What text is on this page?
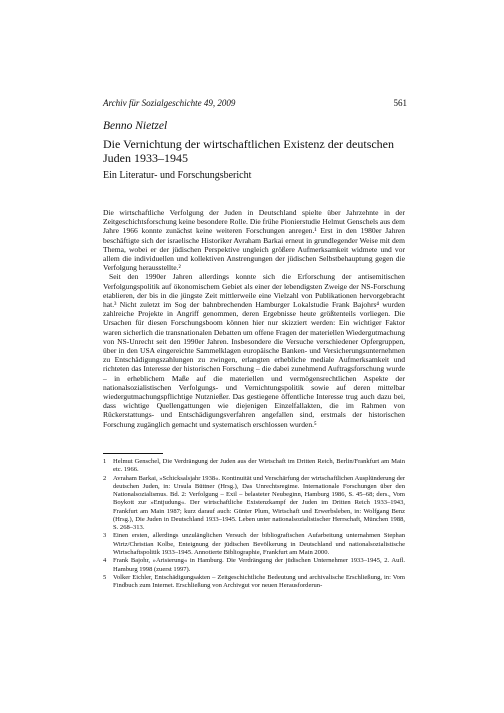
Archiv für Sozialgeschichte 49, 2009	561
Benno Nietzel
Die Vernichtung der wirtschaftlichen Existenz der deutschen Juden 1933–1945
Ein Literatur- und Forschungsbericht

Die wirtschaftliche Verfolgung der Juden in Deutschland spielte über Jahrzehnte in der Zeitgeschichtsforschung keine besondere Rolle. Die frühe Pionierstudie Helmut Genschels aus dem Jahre 1966 konnte zunächst keine weiteren Forschungen anregen.¹ Erst in den 1980er Jahren beschäftigte sich der israelische Historiker Avraham Barkai erneut in grundlegender Weise mit dem Thema, wobei er der jüdischen Perspektive ungleich größere Aufmerksamkeit widmete und vor allem die individuellen und kollektiven Anstrengungen der jüdischen Selbstbehauptung gegen die Verfolgung herausstellte.²

Seit den 1990er Jahren allerdings konnte sich die Erforschung der antisemitischen Verfolgungspolitik auf ökonomischem Gebiet als einer der lebendigsten Zweige der NS-Forschung etablieren, der bis in die jüngste Zeit mittlerweile eine Vielzahl von Publikationen hervorgebracht hat.³ Nicht zuletzt im Sog der bahnbrechenden Hamburger Lokalstudie Frank Bajohrs⁴ wurden zahlreiche Projekte in Angriff genommen, deren Ergebnisse heute größtenteils vorliegen. Die Ursachen für diesen Forschungsboom können hier nur skizziert werden: Ein wichtiger Faktor waren sicherlich die transnationalen Debatten um offene Fragen der materiellen Wiedergutmachung von NS-Unrecht seit den 1990er Jahren. Insbesondere die Versuche verschiedener Opfergruppen, über in den USA eingereichte Sammelklagen europäische Banken- und Versicherungsunternehmen zu Entschädigungszahlungen zu zwingen, erlangten erhebliche mediale Aufmerksamkeit und richteten das Interesse der historischen Forschung – die dabei zunehmend Auftragsforschung wurde – in erheblichem Maße auf die materiellen und vermögensrechtlichen Aspekte der nationalsozialistischen Verfolgungs- und Vernichtungspolitik sowie auf deren mittelbar wiedergutmachungspflichtige Nutznießer. Das gestiegene öffentliche Interesse trug auch dazu bei, dass wichtige Quellengattungen wie diejenigen Einzelfallakten, die im Rahmen von Rückerstattungs- und Entschädigungsverfahren angefallen sind, erstmals der historischen Forschung zugänglich gemacht und systematisch erschlossen wurden.⁵

1	Helmut Genschel, Die Verdrängung der Juden aus der Wirtschaft im Dritten Reich, Berlin/Frankfurt am Main etc. 1966.
2	Avraham Barkai, »Schicksalsjahr 1938«. Kontinuität und Verschärfung der wirtschaftlichen Ausplünderung der deutschen Juden, in: Ursula Büttner (Hrsg.), Das Unrechtsregime. Internationale Forschungen über den Nationalsozialismus. Bd. 2: Verfolgung – Exil – belasteter Neubeginn, Hamburg 1986, S. 45–68; ders., Vom Boykott zur »Entjudung«. Der wirtschaftliche Existenzkampf der Juden im Dritten Reich 1933–1943, Frankfurt am Main 1987; kurz darauf auch: Günter Plum, Wirtschaft und Erwerbsleben, in: Wolfgang Benz (Hrsg.), Die Juden in Deutschland 1933–1945. Leben unter nationalsozialistischer Herrschaft, München 1988, S. 268–313.
3	Einen ersten, allerdings unzulänglichen Versuch der bibliografischen Aufarbeitung unternahmen Stephan Wirtz/Christian Kolbe, Enteignung der jüdischen Bevölkerung in Deutschland und nationalsozialistische Wirtschaftspolitik 1933–1945. Annotierte Bibliographie, Frankfurt am Main 2000.
4	Frank Bajohr, »Arisierung« in Hamburg. Die Verdrängung der jüdischen Unternehmer 1933–1945, 2. Aufl. Hamburg 1998 (zuerst 1997).
5	Volker Eichler, Entschädigungsakten – Zeitgeschichtliche Bedeutung und archivalische Erschließung, in: Vom Findbuch zum Internet. Erschließung von Archivgut vor neuen Herausforderun-
